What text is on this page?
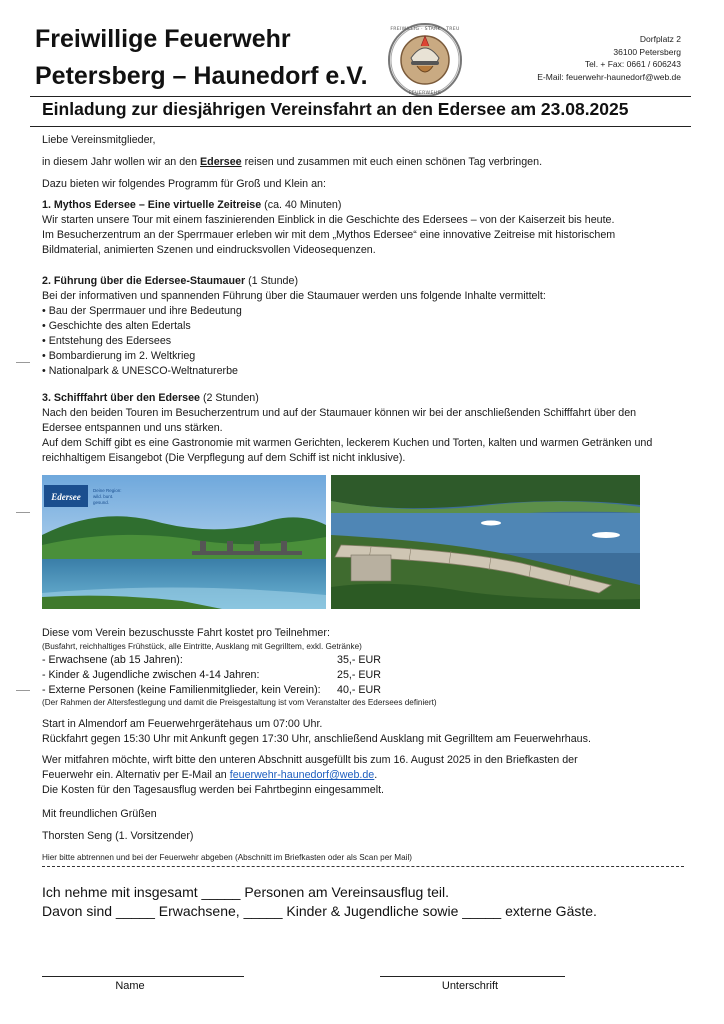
Freiwillige Feuerwehr
Petersberg – Haunedorf e.V.
FREIWILLIG · STARK · TREU
FEUERWEHR
Dorfplatz 2
36100 Petersberg
Tel. + Fax: 0661 / 606243
E-Mail: feuerwehr-haunedorf@web.de
Einladung zur diesjährigen Vereinsfahrt an den Edersee am 23.08.2025
Liebe Vereinsmitglieder,
in diesem Jahr wollen wir an den Edersee reisen und zusammen mit euch einen schönen Tag verbringen.
Dazu bieten wir folgendes Programm für Groß und Klein an:
1. Mythos Edersee – Eine virtuelle Zeitreise (ca. 40 Minuten)
Wir starten unsere Tour mit einem faszinierenden Einblick in die Geschichte des Edersees – von der Kaiserzeit bis heute.
Im Besucherzentrum an der Sperrmauer erleben wir mit dem „Mythos Edersee“ eine innovative Zeitreise mit historischem
Bildmaterial, animierten Szenen und eindrucksvollen Videosequenzen.
2. Führung über die Edersee-Staumauer (1 Stunde)
Bei der informativen und spannenden Führung über die Staumauer werden uns folgende Inhalte vermittelt:
• Bau der Sperrmauer und ihre Bedeutung
• Geschichte des alten Edertals
• Entstehung des Edersees
• Bombardierung im 2. Weltkrieg
• Nationalpark & UNESCO-Weltnaturerbe
3. Schifffahrt über den Edersee (2 Stunden)
Nach den beiden Touren im Besucherzentrum und auf der Staumauer können wir bei der anschließenden Schifffahrt über den
Edersee entspannen und uns stärken.
Auf dem Schiff gibt es eine Gastronomie mit warmen Gerichten, leckerem Kuchen und Torten, kalten und warmen Getränken und
reichhaltigem Eisangebot (Die Verpflegung auf dem Schiff ist nicht inklusive).
Edersee
Deine Region:
wild. bunt.
gesund.
Diese vom Verein bezuschusste Fahrt kostet pro Teilnehmer:
(Busfahrt, reichhaltiges Frühstück, alle Eintritte, Ausklang mit Gegrilltem, exkl. Getränke)
- Erwachsene (ab 15 Jahren):	35,- EUR
- Kinder & Jugendliche zwischen 4-14 Jahren:	25,- EUR
- Externe Personen (keine Familienmitglieder, kein Verein): 40,- EUR
(Der Rahmen der Altersfestlegung und damit die Preisgestaltung ist vom Veranstalter des Edersees definiert)
Start in Almendorf am Feuerwehrgerätehaus um 07:00 Uhr.
Rückfahrt gegen 15:30 Uhr mit Ankunft gegen 17:30 Uhr, anschließend Ausklang mit Gegrilltem am Feuerwehrhaus.
Wer mitfahren möchte, wirft bitte den unteren Abschnitt ausgefüllt bis zum 16. August 2025 in den Briefkasten der
Feuerwehr ein. Alternativ per E-Mail an feuerwehr-haunedorf@web.de.
Die Kosten für den Tagesausflug werden bei Fahrtbeginn eingesammelt.
Mit freundlichen Grüßen
Thorsten Seng (1. Vorsitzender)
Hier bitte abtrennen und bei der Feuerwehr abgeben (Abschnitt im Briefkasten oder als Scan per Mail)
Ich nehme mit insgesamt _____ Personen am Vereinsausflug teil.
Davon sind _____ Erwachsene, _____ Kinder & Jugendliche sowie _____ externe Gäste.
Name	Unterschrift
